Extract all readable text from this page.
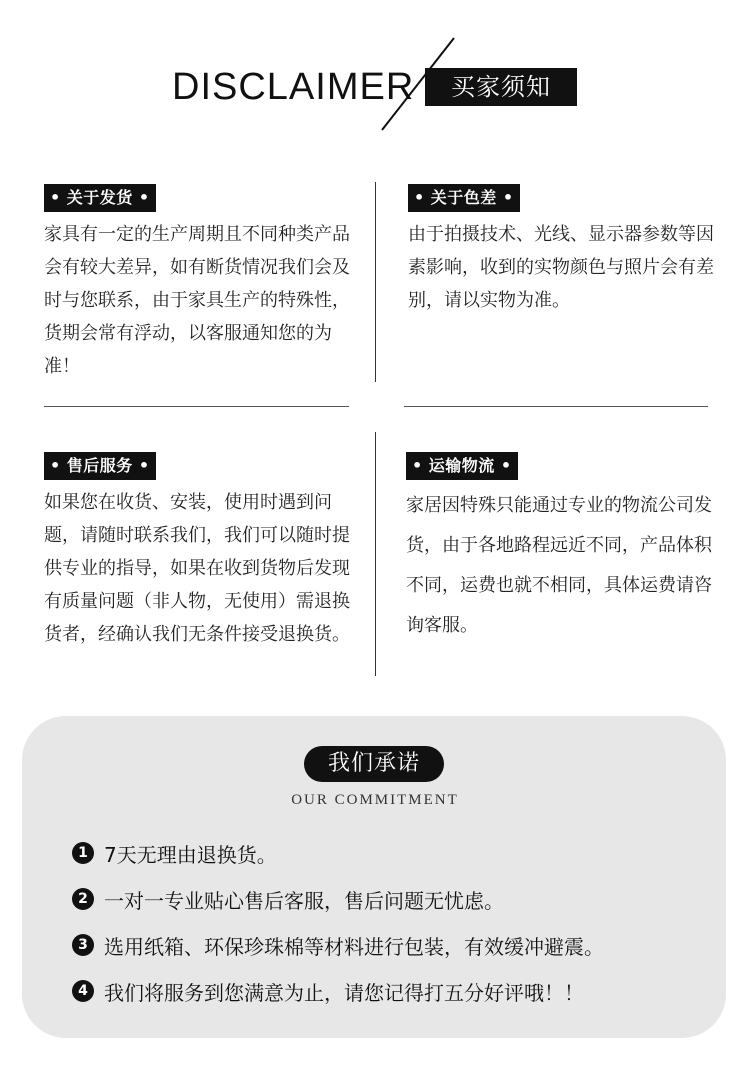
DISCLAIMER	买家须知
• 关于发货 •
家具有一定的生产周期且不同种类产品会有较大差异，如有断货情况我们会及时与您联系，由于家具生产的特殊性，货期会常有浮动，以客服通知您的为准！
• 关于色差 •
由于拍摄技术、光线、显示器参数等因素影响，收到的实物颜色与照片会有差别，请以实物为准。
• 售后服务 •
如果您在收货、安装，使用时遇到问题，请随时联系我们，我们可以随时提供专业的指导，如果在收到货物后发现有质量问题（非人物，无使用）需退换货者，经确认我们无条件接受退换货。
• 运输物流 •
家居因特殊只能通过专业的物流公司发货，由于各地路程远近不同，产品体积不同，运费也就不相同，具体运费请咨询客服。
我们承诺
OUR COMMITMENT
1 7天无理由退换货。
2 一对一专业贴心售后客服，售后问题无忧虑。
3 选用纸箱、环保珍珠棉等材料进行包装，有效缓冲避震。
4 我们将服务到您满意为止，请您记得打五分好评哦！！
